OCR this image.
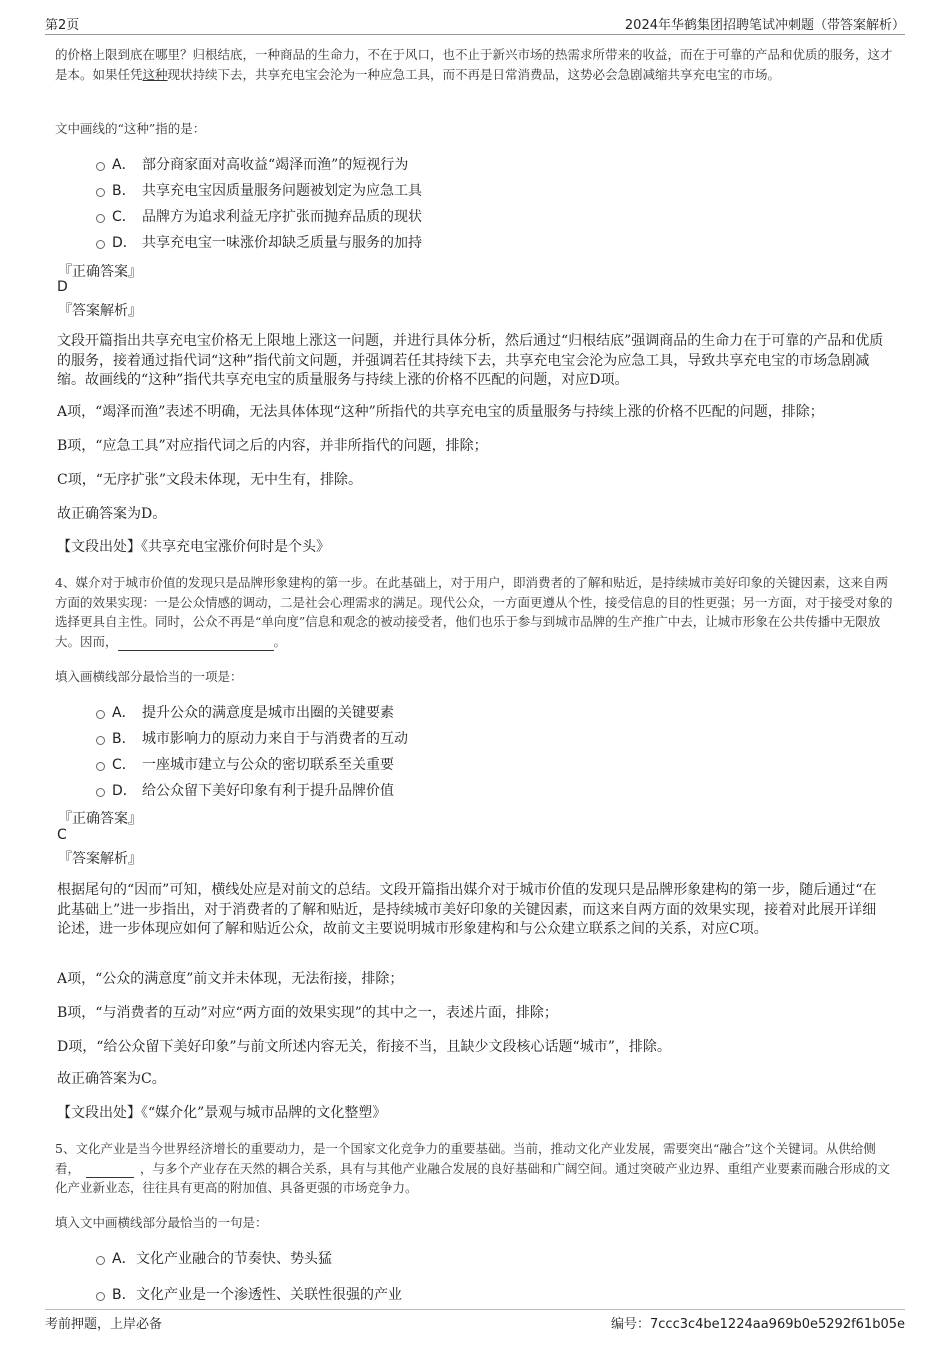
第2页	2024年华鹤集团招聘笔试冲刺题（带答案解析）
的价格上限到底在哪里？归根结底，一种商品的生命力，不在于风口，也不止于新兴市场的热需求所带来的收益，而在于可靠的产品和优质的服务，这才是本。如果任凭这种现状持续下去，共享充电宝会沦为一种应急工具，而不再是日常消费品，这势必会急剧减缩共享充电宝的市场。
文中画线的“这种”指的是：
A． 部分商家面对高收益“竭泽而渔”的短视行为
B． 共享充电宝因质量服务问题被划定为应急工具
C． 品牌方为追求利益无序扩张而抛弃品质的现状
D． 共享充电宝一味涨价却缺乏质量与服务的加持
『正确答案』
D
『答案解析』
文段开篇指出共享充电宝价格无上限地上涨这一问题，并进行具体分析，然后通过“归根结底”强调商品的生命力在于可靠的产品和优质的服务，接着通过指代词“这种”指代前文问题，并强调若任其持续下去，共享充电宝会沦为应急工具，导致共享充电宝的市场急剧减缩。故画线的“这种”指代共享充电宝的质量服务与持续上涨的价格不匹配的问题，对应D项。
A项，“竭泽而渔”表述不明确，无法具体体现“这种”所指代的共享充电宝的质量服务与持续上涨的价格不匹配的问题，排除；
B项，“应急工具”对应指代词之后的内容，并非所指代的问题，排除；
C项，“无序扩张”文段未体现，无中生有，排除。
故正确答案为D。
【文段出处】《共享充电宝涨价何时是个头》
4、媒介对于城市价值的发现只是品牌形象建构的第一步。在此基础上，对于用户，即消费者的了解和贴近，是持续城市美好印象的关键因素，这来自两方面的效果实现：一是公众情感的调动，二是社会心理需求的满足。现代公众，一方面更遵从个性，接受信息的目的性更强；另一方面，对于接受对象的选择更具自主性。同时，公众不再是“单向度”信息和观念的被动接受者，他们也乐于参与到城市品牌的生产推广中去，让城市形象在公共传播中无限放大。因而，	。
填入画横线部分最恰当的一项是：
A． 提升公众的满意度是城市出圈的关键要素
B． 城市影响力的原动力来自于与消费者的互动
C． 一座城市建立与公众的密切联系至关重要
D． 给公众留下美好印象有利于提升品牌价值
『正确答案』
C
『答案解析』
根据尾句的“因而”可知，横线处应是对前文的总结。文段开篇指出媒介对于城市价值的发现只是品牌形象建构的第一步，随后通过“在此基础上”进一步指出，对于消费者的了解和贴近，是持续城市美好印象的关键因素，而这来自两方面的效果实现，接着对此展开详细论述，进一步体现应如何了解和贴近公众，故前文主要说明城市形象建构和与公众建立联系之间的关系，对应C项。
A项，“公众的满意度”前文并未体现，无法衔接，排除；
B项，“与消费者的互动”对应“两方面的效果实现”的其中之一，表述片面，排除；
D项，“给公众留下美好印象”与前文所述内容无关，衔接不当，且缺少文段核心话题“城市”，排除。
故正确答案为C。
【文段出处】《“媒介化”景观与城市品牌的文化整塑》
5、文化产业是当今世界经济增长的重要动力，是一个国家文化竞争力的重要基础。当前，推动文化产业发展，需要突出“融合”这个关键词。从供给侧看，	，与多个产业存在天然的耦合关系，具有与其他产业融合发展的良好基础和广阔空间。通过突破产业边界、重组产业要素而融合形成的文化产业新业态，往往具有更高的附加值、具备更强的市场竞争力。
填入文中画横线部分最恰当的一句是：
A．文化产业融合的节奏快、势头猛
B．文化产业是一个渗透性、关联性很强的产业
考前押题，上岸必备	编号：7ccc3c4be1224aa969b0e5292f61b05e
